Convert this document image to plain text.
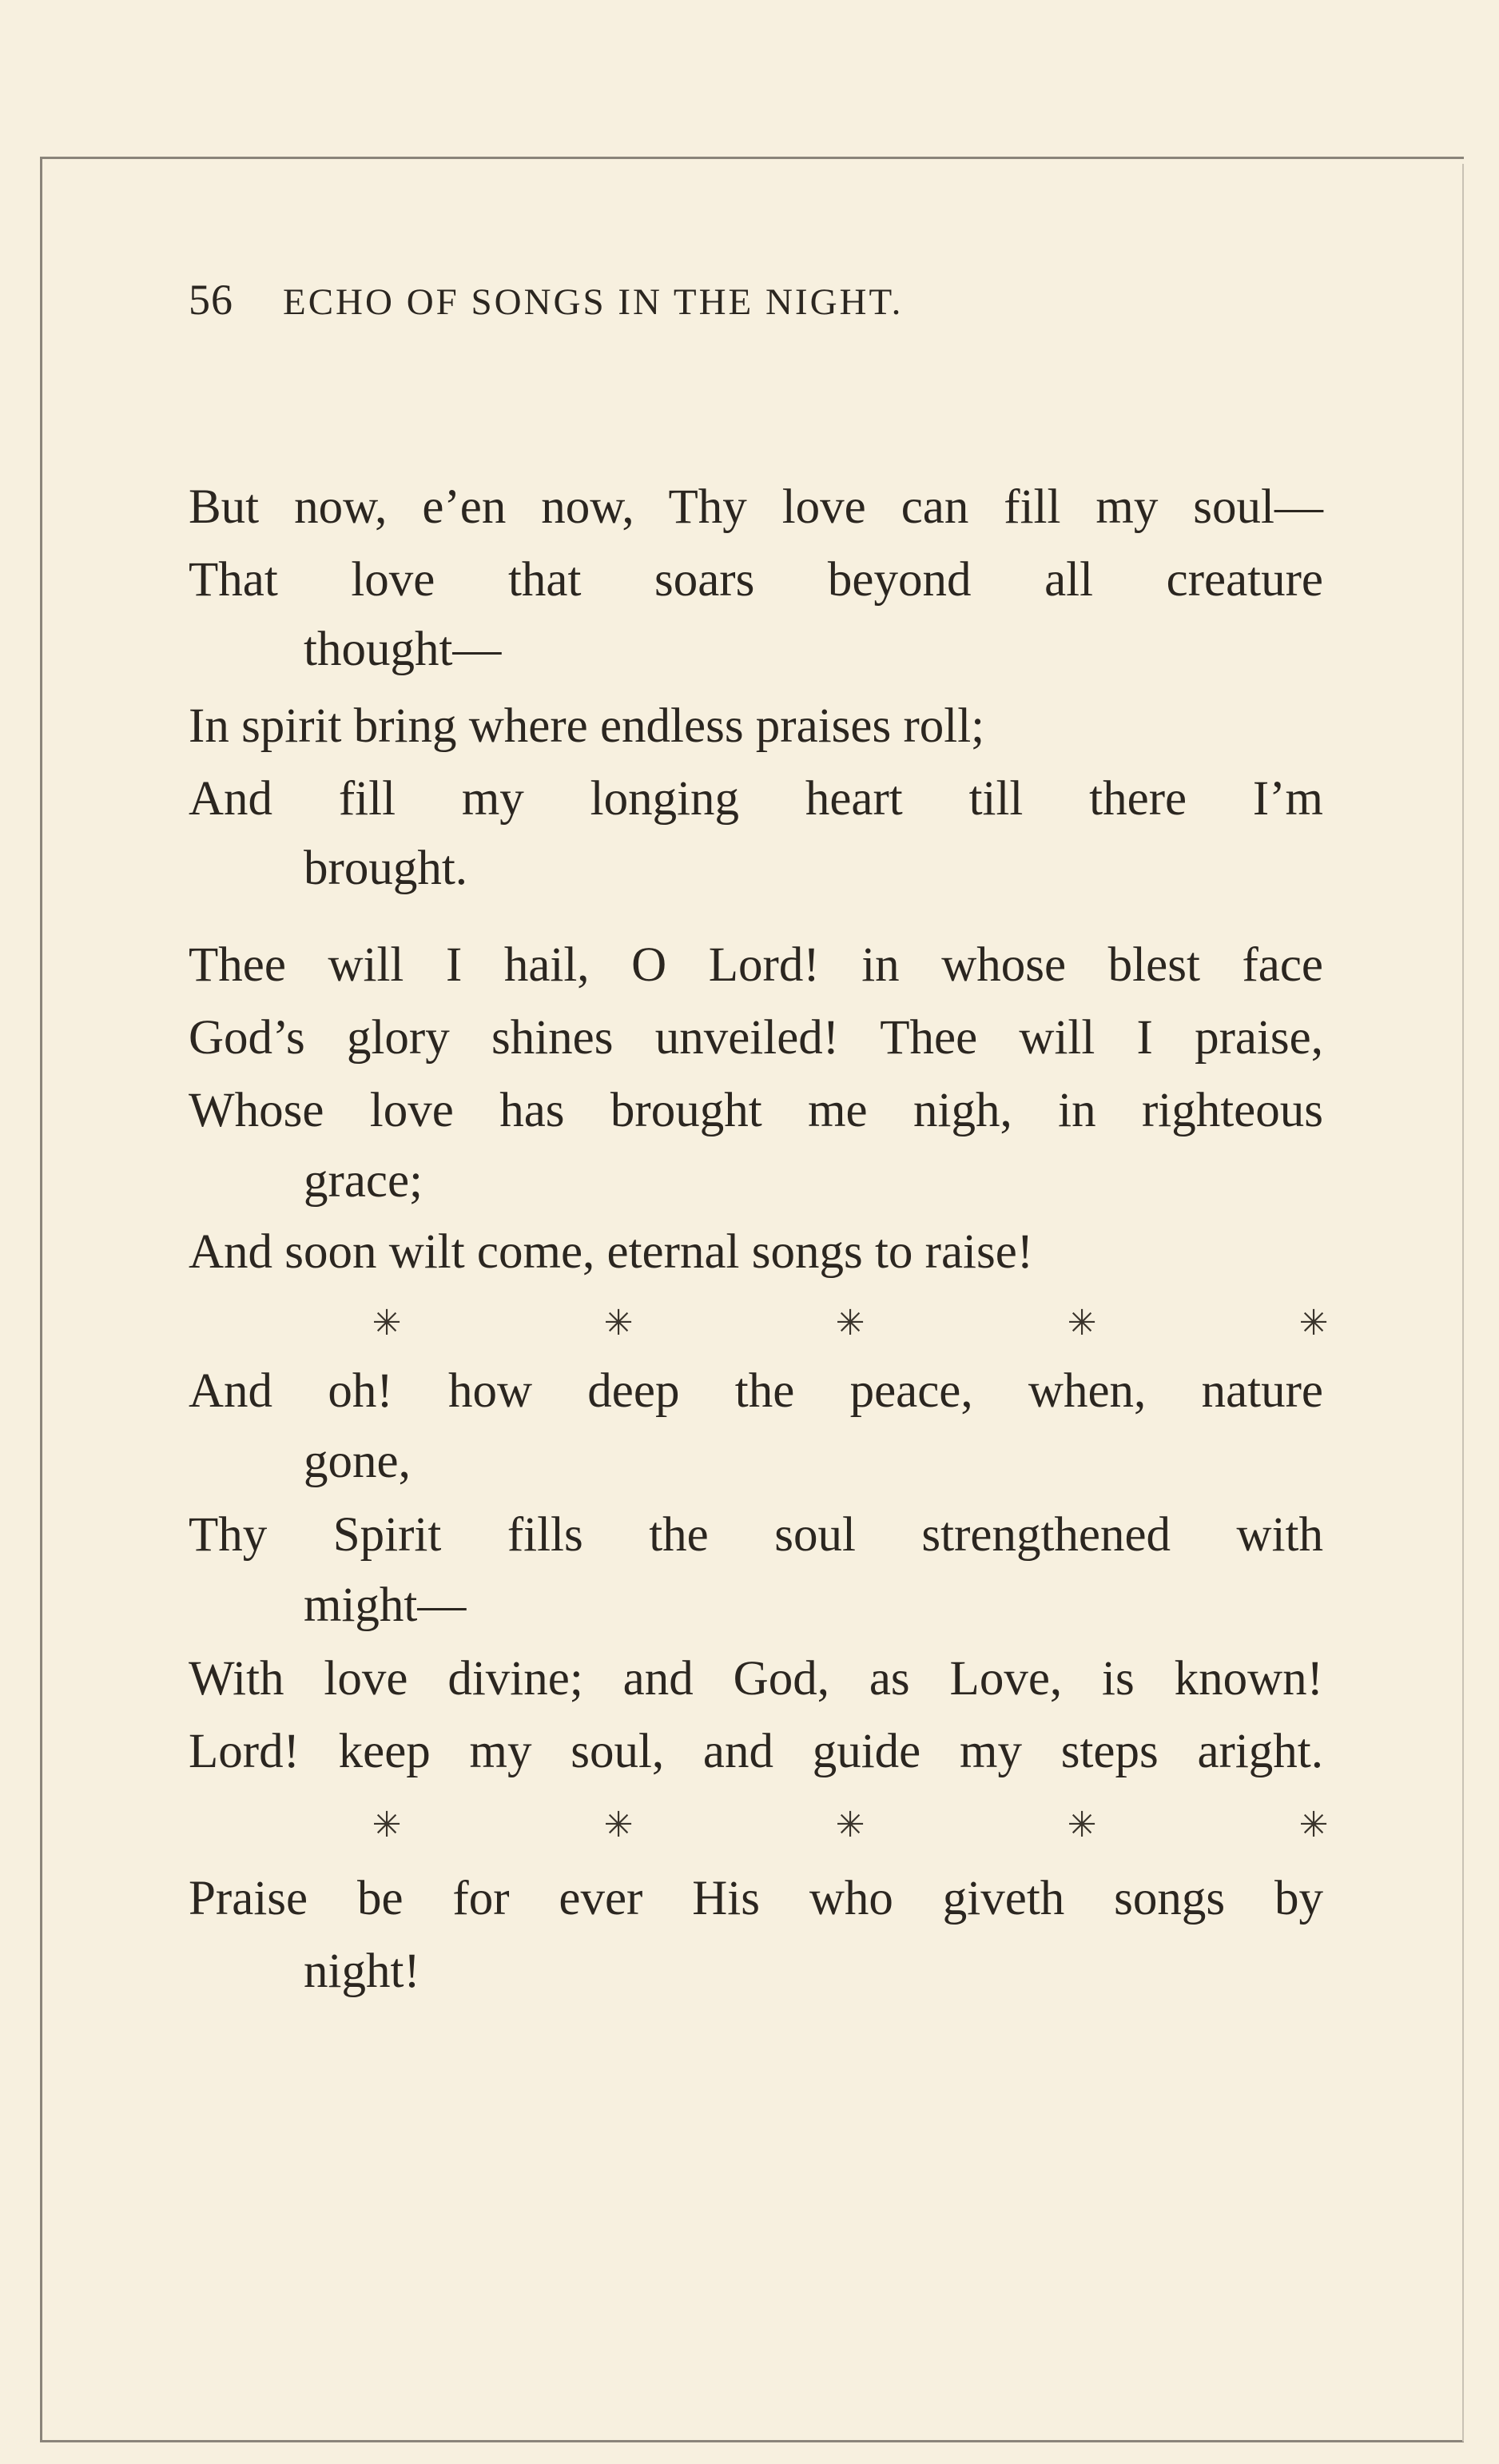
56 ECHO OF SONGS IN THE NIGHT.
But now, e’en now, Thy love can fill my soul—
That love that soars beyond all creature
thought—
In spirit bring where endless praises roll;
And fill my longing heart till there I’m
brought.
Thee will I hail, O Lord! in whose blest face
God’s glory shines unveiled! Thee will I praise,
Whose love has brought me nigh, in righteous
grace;
And soon wilt come, eternal songs to raise!
✳	✳	✳	✳	✳
And oh! how deep the peace, when, nature
gone,
Thy Spirit fills the soul strengthened with
might—
With love divine; and God, as Love, is known!
Lord! keep my soul, and guide my steps aright.
✳	✳	✳	✳	✳
Praise be for ever His who giveth songs by
night!
